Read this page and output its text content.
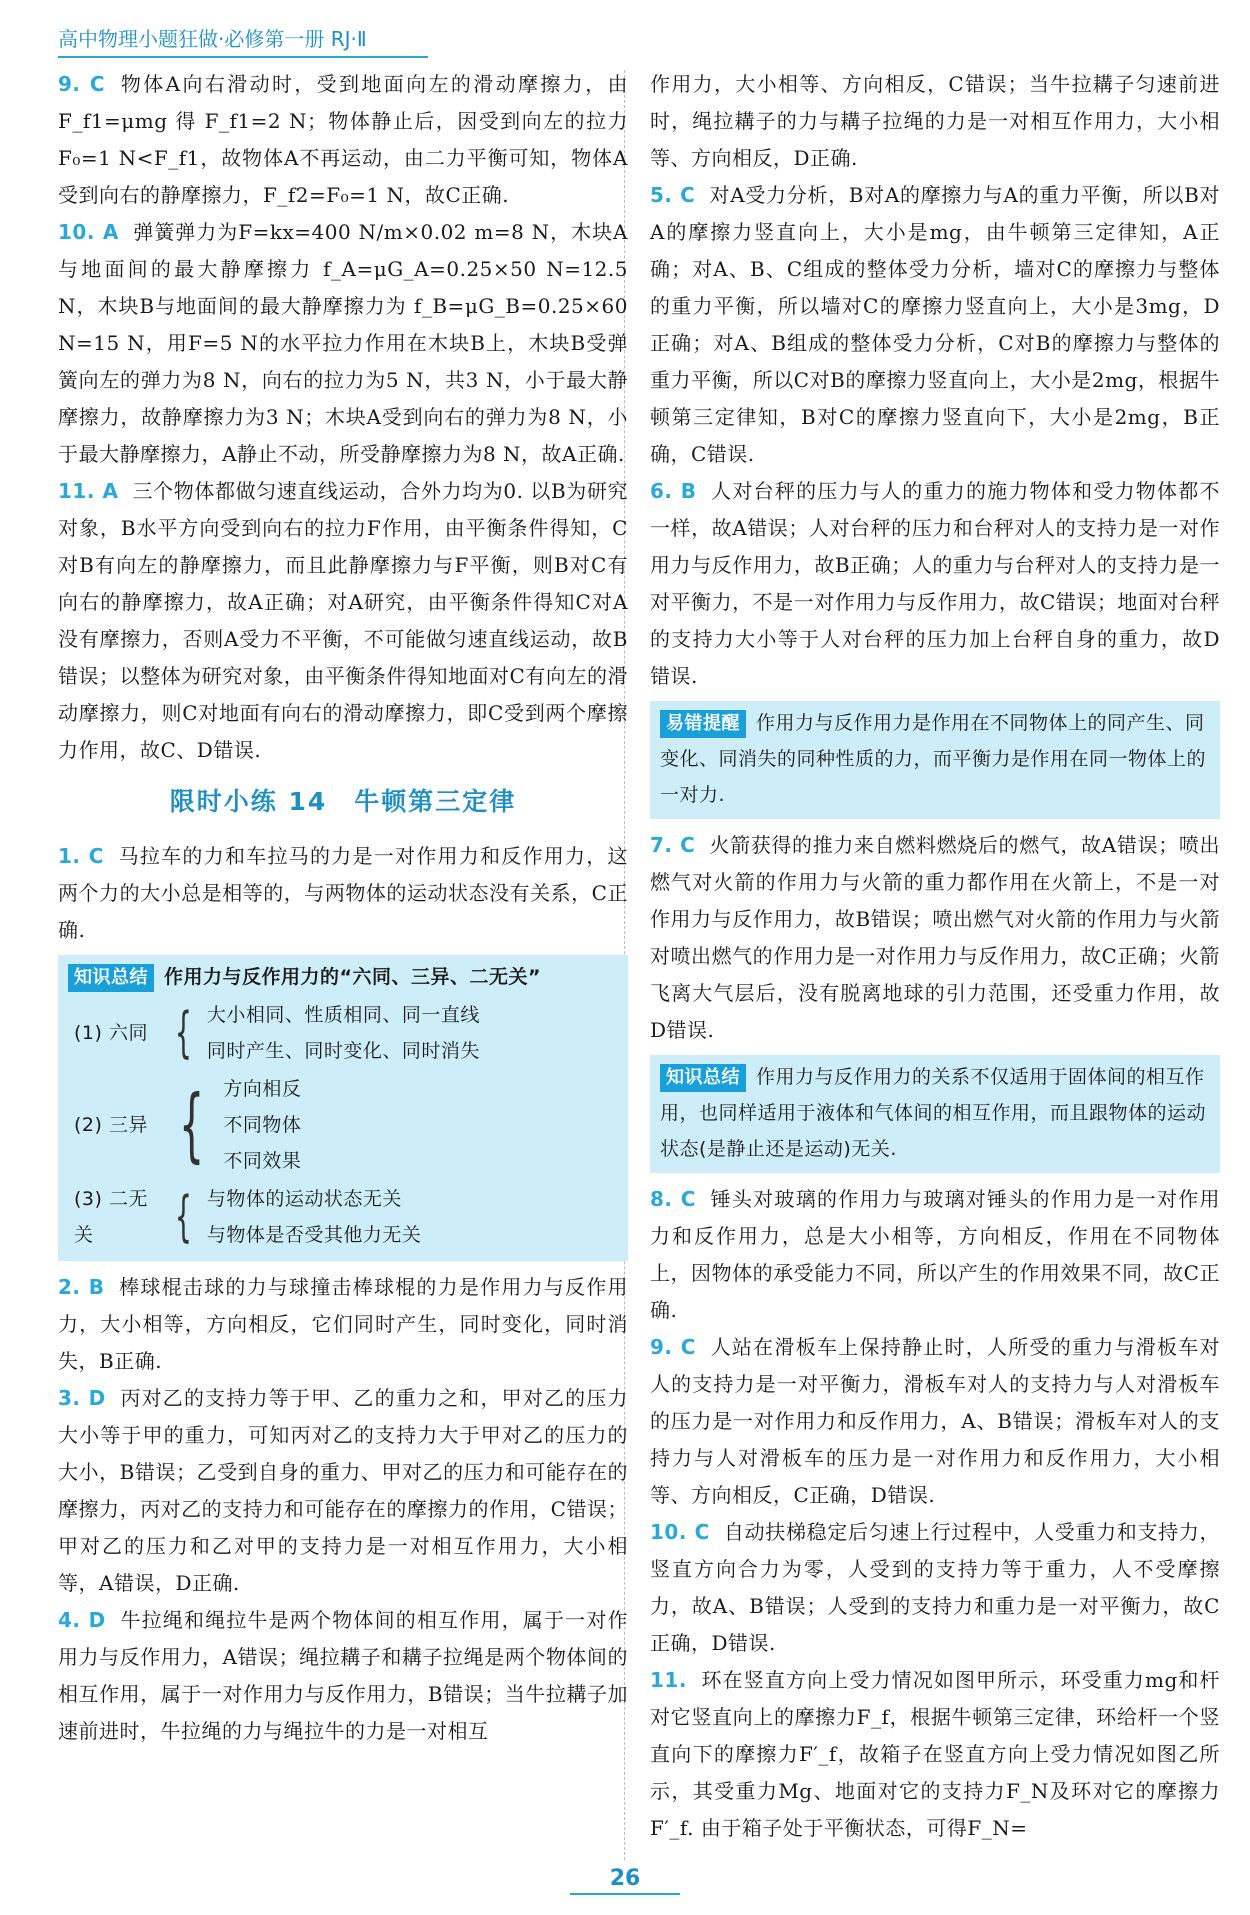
高中物理小题狂做·必修第一册 RJ·Ⅱ

9. C 物体A向右滑动时，受到地面向左的滑动摩擦力，由F_f1=μmg 得 F_f1=2 N；物体静止后，因受到向左的拉力F₀=1 N<F_f1，故物体A不再运动，由二力平衡可知，物体A受到向右的静摩擦力，F_f2=F₀=1 N，故C正确.

10. A 弹簧弹力为F=kx=400 N/m×0.02 m=8 N，木块A与地面间的最大静摩擦力 f_A=μG_A=0.25×50 N=12.5 N，木块B与地面间的最大静摩擦力为 f_B=μG_B=0.25×60 N=15 N，用F=5 N的水平拉力作用在木块B上，木块B受弹簧向左的弹力为8 N，向右的拉力为5 N，共3 N，小于最大静摩擦力，故静摩擦力为3 N；木块A受到向右的弹力为8 N，小于最大静摩擦力，A静止不动，所受静摩擦力为8 N，故A正确.

11. A 三个物体都做匀速直线运动，合外力均为0. 以B为研究对象，B水平方向受到向右的拉力F作用，由平衡条件得知，C对B有向左的静摩擦力，而且此静摩擦力与F平衡，则B对C有向右的静摩擦力，故A正确；对A研究，由平衡条件得知C对A没有摩擦力，否则A受力不平衡，不可能做匀速直线运动，故B错误；以整体为研究对象，由平衡条件得知地面对C有向左的滑动摩擦力，则C对地面有向右的滑动摩擦力，即C受到两个摩擦力作用，故C、D错误.

限时小练 14　牛顿第三定律

1. C 马拉车的力和车拉马的力是一对作用力和反作用力，这两个力的大小总是相等的，与两物体的运动状态没有关系，C正确.

知识总结 作用力与反作用力的“六同、三异、二无关”
(1) 六同 { 大小相同、性质相同、同一直线
同时产生、同时变化、同时消失
(2) 三异 { 方向相反
不同物体
不同效果
(3) 二无关	{ 与物体的运动状态无关
与物体是否受其他力无关

2. B 棒球棍击球的力与球撞击棒球棍的力是作用力与反作用力，大小相等，方向相反，它们同时产生，同时变化，同时消失，B正确.

3. D 丙对乙的支持力等于甲、乙的重力之和，甲对乙的压力大小等于甲的重力，可知丙对乙的支持力大于甲对乙的压力的大小，B错误；乙受到自身的重力、甲对乙的压力和可能存在的摩擦力，丙对乙的支持力和可能存在的摩擦力的作用，C错误；甲对乙的压力和乙对甲的支持力是一对相互作用力，大小相等，A错误，D正确.

4. D 牛拉绳和绳拉牛是两个物体间的相互作用，属于一对作用力与反作用力，A错误；绳拉耩子和耩子拉绳是两个物体间的相互作用，属于一对作用力与反作用力，B错误；当牛拉耩子加速前进时，牛拉绳的力与绳拉牛的力是一对相互

作用力，大小相等、方向相反，C错误；当牛拉耩子匀速前进时，绳拉耩子的力与耩子拉绳的力是一对相互作用力，大小相等、方向相反，D正确.

5. C 对A受力分析，B对A的摩擦力与A的重力平衡，所以B对A的摩擦力竖直向上，大小是mg，由牛顿第三定律知，A正确；对A、B、C组成的整体受力分析，墙对C的摩擦力与整体的重力平衡，所以墙对C的摩擦力竖直向上，大小是3mg，D正确；对A、B组成的整体受力分析，C对B的摩擦力与整体的重力平衡，所以C对B的摩擦力竖直向上，大小是2mg，根据牛顿第三定律知，B对C的摩擦力竖直向下，大小是2mg，B正确，C错误.

6. B 人对台秤的压力与人的重力的施力物体和受力物体都不一样，故A错误；人对台秤的压力和台秤对人的支持力是一对作用力与反作用力，故B正确；人的重力与台秤对人的支持力是一对平衡力，不是一对作用力与反作用力，故C错误；地面对台秤的支持力大小等于人对台秤的压力加上台秤自身的重力，故D错误.

易错提醒 作用力与反作用力是作用在不同物体上的同产生、同变化、同消失的同种性质的力，而平衡力是作用在同一物体上的一对力.

7. C 火箭获得的推力来自燃料燃烧后的燃气，故A错误；喷出燃气对火箭的作用力与火箭的重力都作用在火箭上，不是一对作用力与反作用力，故B错误；喷出燃气对火箭的作用力与火箭对喷出燃气的作用力是一对作用力与反作用力，故C正确；火箭飞离大气层后，没有脱离地球的引力范围，还受重力作用，故D错误.

知识总结 作用力与反作用力的关系不仅适用于固体间的相互作用，也同样适用于液体和气体间的相互作用，而且跟物体的运动状态(是静止还是运动)无关.

8. C 锤头对玻璃的作用力与玻璃对锤头的作用力是一对作用力和反作用力，总是大小相等，方向相反，作用在不同物体上，因物体的承受能力不同，所以产生的作用效果不同，故C正确.

9. C 人站在滑板车上保持静止时，人所受的重力与滑板车对人的支持力是一对平衡力，滑板车对人的支持力与人对滑板车的压力是一对作用力和反作用力，A、B错误；滑板车对人的支持力与人对滑板车的压力是一对作用力和反作用力，大小相等、方向相反，C正确，D错误.

10. C 自动扶梯稳定后匀速上行过程中，人受重力和支持力，竖直方向合力为零，人受到的支持力等于重力，人不受摩擦力，故A、B错误；人受到的支持力和重力是一对平衡力，故C正确，D错误.

11. 环在竖直方向上受力情况如图甲所示，环受重力mg和杆对它竖直向上的摩擦力F_f，根据牛顿第三定律，环给杆一个竖直向下的摩擦力F′_f，故箱子在竖直方向上受力情况如图乙所示，其受重力Mg、地面对它的支持力F_N及环对它的摩擦力F′_f. 由于箱子处于平衡状态，可得F_N=

26
